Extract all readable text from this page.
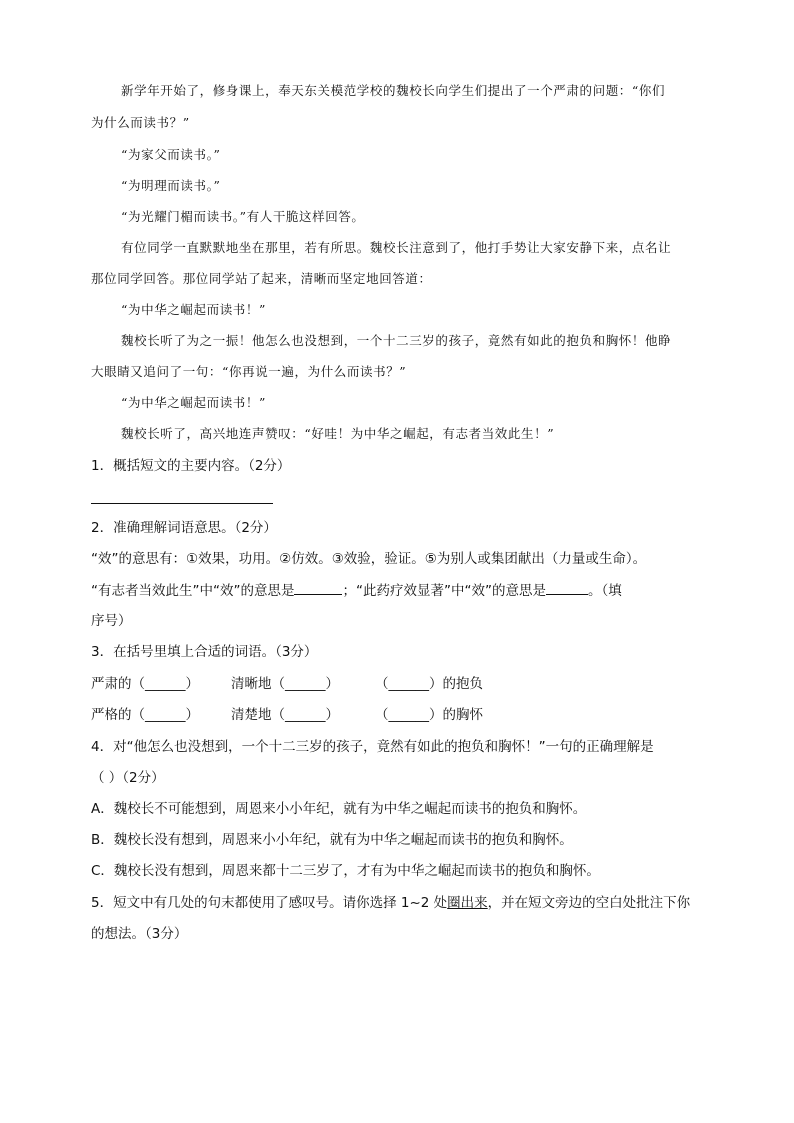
新学年开始了，修身课上，奉天东关模范学校的魏校长向学生们提出了一个严肃的问题：“你们
为什么而读书？”
“为家父而读书。”
“为明理而读书。”
“为光耀门楣而读书。”有人干脆这样回答。
有位同学一直默默地坐在那里，若有所思。魏校长注意到了，他打手势让大家安静下来，点名让
那位同学回答。那位同学站了起来，清晰而坚定地回答道：
“为中华之崛起而读书！”
魏校长听了为之一振！他怎么也没想到，一个十二三岁的孩子，竟然有如此的抱负和胸怀！他睁
大眼睛又追问了一句：“你再说一遍，为什么而读书？”
“为中华之崛起而读书！”
魏校长听了，高兴地连声赞叹：“好哇！为中华之崛起，有志者当效此生！”
1．概括短文的主要内容。（2分）
2．准确理解词语意思。（2分）
“效”的意思有：①效果，功用。②仿效。③效验，验证。⑤为别人或集团献出（力量或生命）。
“有志者当效此生”中“效”的意思是	；“此药疗效显著”中“效”的意思是	。（填
序号）
3．在括号里填上合适的词语。（3分）
严肃的（______） 清晰地（______）	（______）的抱负
严格的（______） 清楚地（______）	（______）的胸怀
4．对“他怎么也没想到，一个十二三岁的孩子，竟然有如此的抱负和胸怀！”一句的正确理解是
（ ）（2分）
A．魏校长不可能想到，周恩来小小年纪，就有为中华之崛起而读书的抱负和胸怀。
B．魏校长没有想到，周恩来小小年纪，就有为中华之崛起而读书的抱负和胸怀。
C．魏校长没有想到，周恩来都十二三岁了，才有为中华之崛起而读书的抱负和胸怀。
5．短文中有几处的句末都使用了感叹号。请你选择 1~2 处圈出来，并在短文旁边的空白处批注下你
的想法。（3分）
